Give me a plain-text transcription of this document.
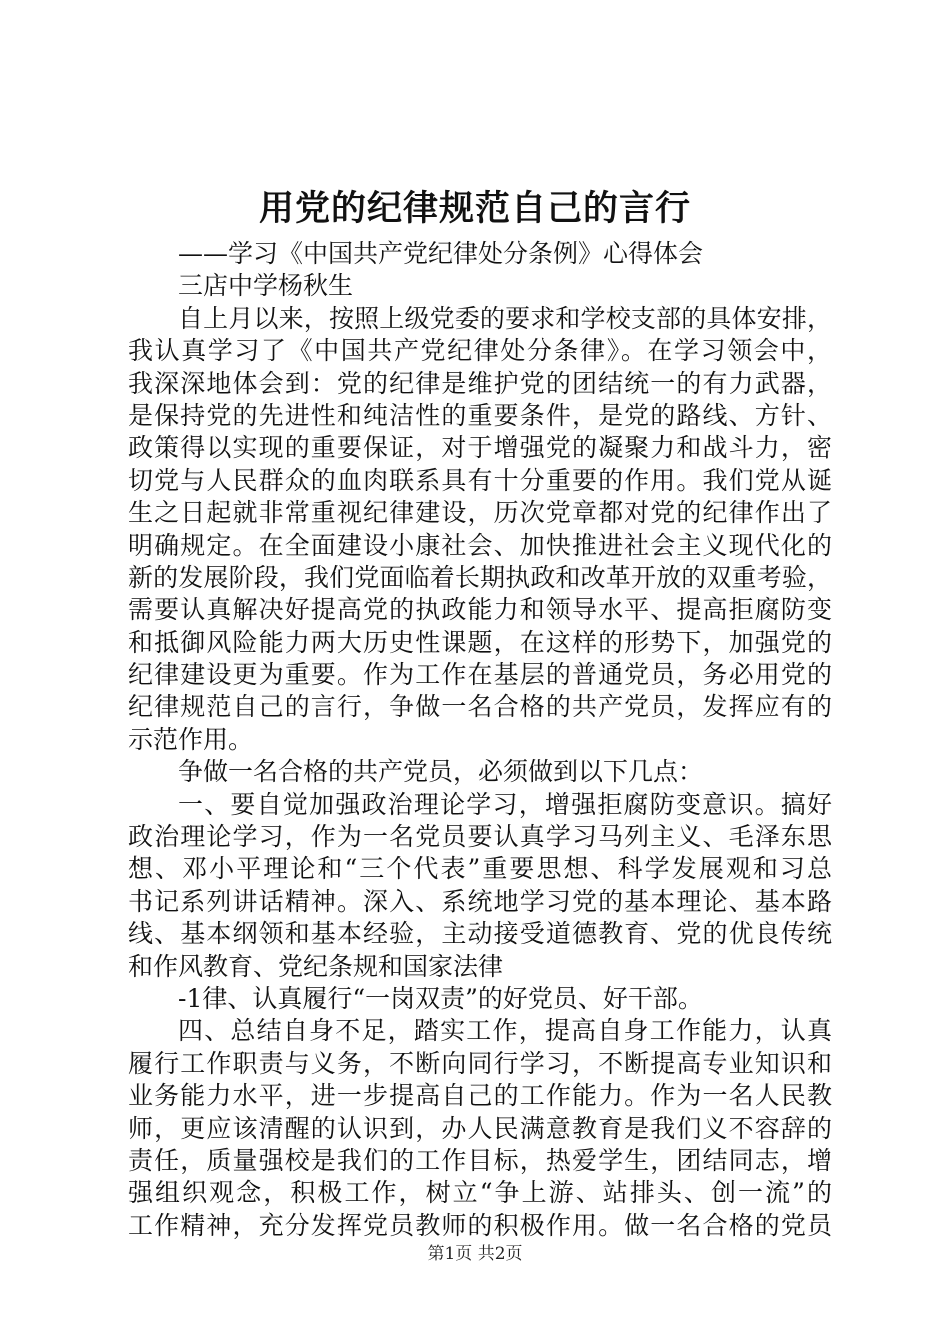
用党的纪律规范自己的言行
——学习《中国共产党纪律处分条例》心得体会
三店中学杨秋生
自上月以来，按照上级党委的要求和学校支部的具体安排，
我认真学习了《中国共产党纪律处分条律》。在学习领会中，
我深深地体会到：党的纪律是维护党的团结统一的有力武器，
是保持党的先进性和纯洁性的重要条件，是党的路线、方针、
政策得以实现的重要保证，对于增强党的凝聚力和战斗力，密
切党与人民群众的血肉联系具有十分重要的作用。我们党从诞
生之日起就非常重视纪律建设，历次党章都对党的纪律作出了
明确规定。在全面建设小康社会、加快推进社会主义现代化的
新的发展阶段，我们党面临着长期执政和改革开放的双重考验，
需要认真解决好提高党的执政能力和领导水平、提高拒腐防变
和抵御风险能力两大历史性课题，在这样的形势下，加强党的
纪律建设更为重要。作为工作在基层的普通党员，务必用党的
纪律规范自己的言行，争做一名合格的共产党员，发挥应有的
示范作用。
争做一名合格的共产党员，必须做到以下几点：
一、要自觉加强政治理论学习，增强拒腐防变意识。搞好
政治理论学习，作为一名党员要认真学习马列主义、毛泽东思
想、邓小平理论和“三个代表”重要思想、科学发展观和习总
书记系列讲话精神。深入、系统地学习党的基本理论、基本路
线、基本纲领和基本经验，主动接受道德教育、党的优良传统
和作风教育、党纪条规和国家法律
-1律、认真履行“一岗双责”的好党员、好干部。
四、总结自身不足，踏实工作，提高自身工作能力，认真
履行工作职责与义务，不断向同行学习，不断提高专业知识和
业务能力水平，进一步提高自己的工作能力。作为一名人民教
师，更应该清醒的认识到，办人民满意教育是我们义不容辞的
责任，质量强校是我们的工作目标，热爱学生，团结同志，增
强组织观念，积极工作，树立“争上游、站排头、创一流”的
工作精神，充分发挥党员教师的积极作用。做一名合格的党员
第1页 共2页
